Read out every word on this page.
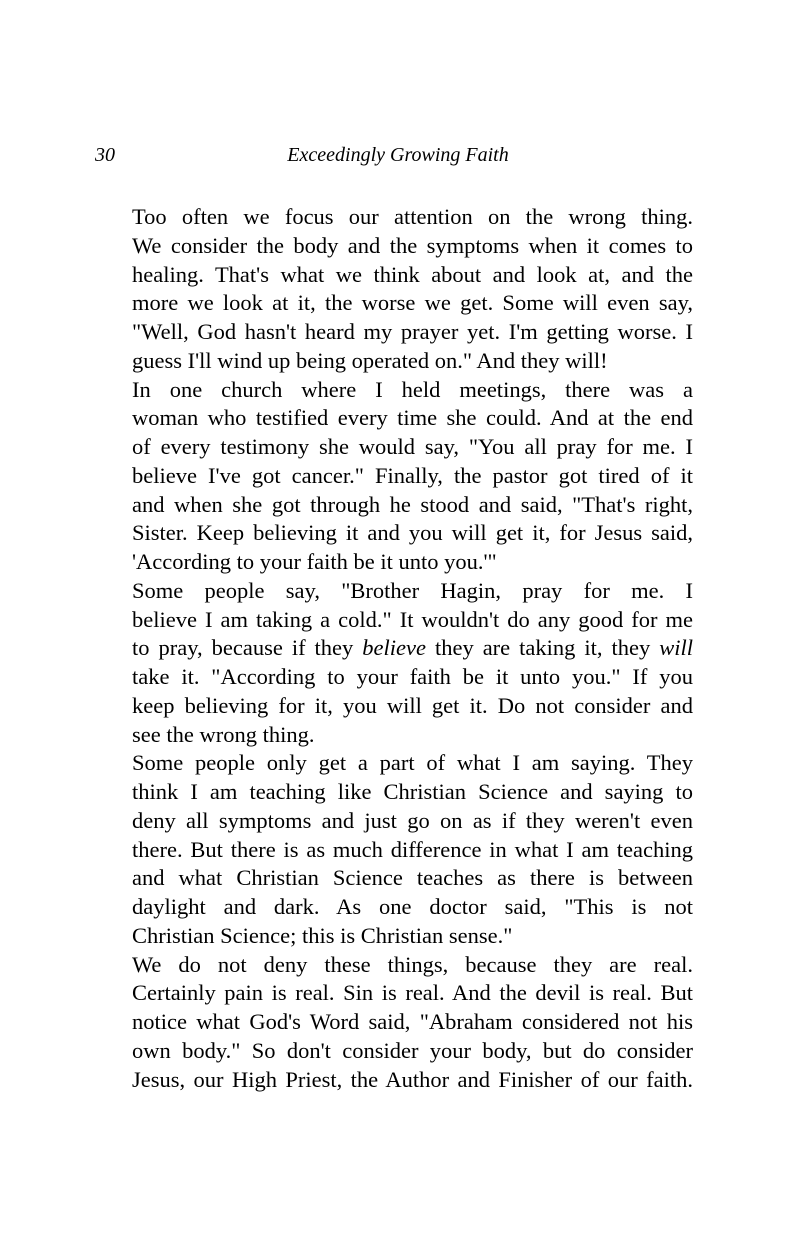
30	Exceedingly Growing Faith

Too often we focus our attention on the wrong thing.
We consider the body and the symptoms when it comes to
healing. That's what we think about and look at, and the
more we look at it, the worse we get. Some will even say,
"Well, God hasn't heard my prayer yet. I'm getting worse. I
guess I'll wind up being operated on." And they will!

In one church where I held meetings, there was a
woman who testified every time she could. And at the end
of every testimony she would say, "You all pray for me. I
believe I've got cancer." Finally, the pastor got tired of it
and when she got through he stood and said, "That's right,
Sister. Keep believing it and you will get it, for Jesus said,
'According to your faith be it unto you.'"

Some people say, "Brother Hagin, pray for me. I
believe I am taking a cold." It wouldn't do any good for me
to pray, because if they believe they are taking it, they will
take it. "According to your faith be it unto you." If you
keep believing for it, you will get it. Do not consider and
see the wrong thing.

Some people only get a part of what I am saying. They
think I am teaching like Christian Science and saying to
deny all symptoms and just go on as if they weren't even
there. But there is as much difference in what I am teaching
and what Christian Science teaches as there is between
daylight and dark. As one doctor said, "This is not
Christian Science; this is Christian sense."

We do not deny these things, because they are real.
Certainly pain is real. Sin is real. And the devil is real. But
notice what God's Word said, "Abraham considered not his
own body." So don't consider your body, but do consider
Jesus, our High Priest, the Author and Finisher of our faith.
